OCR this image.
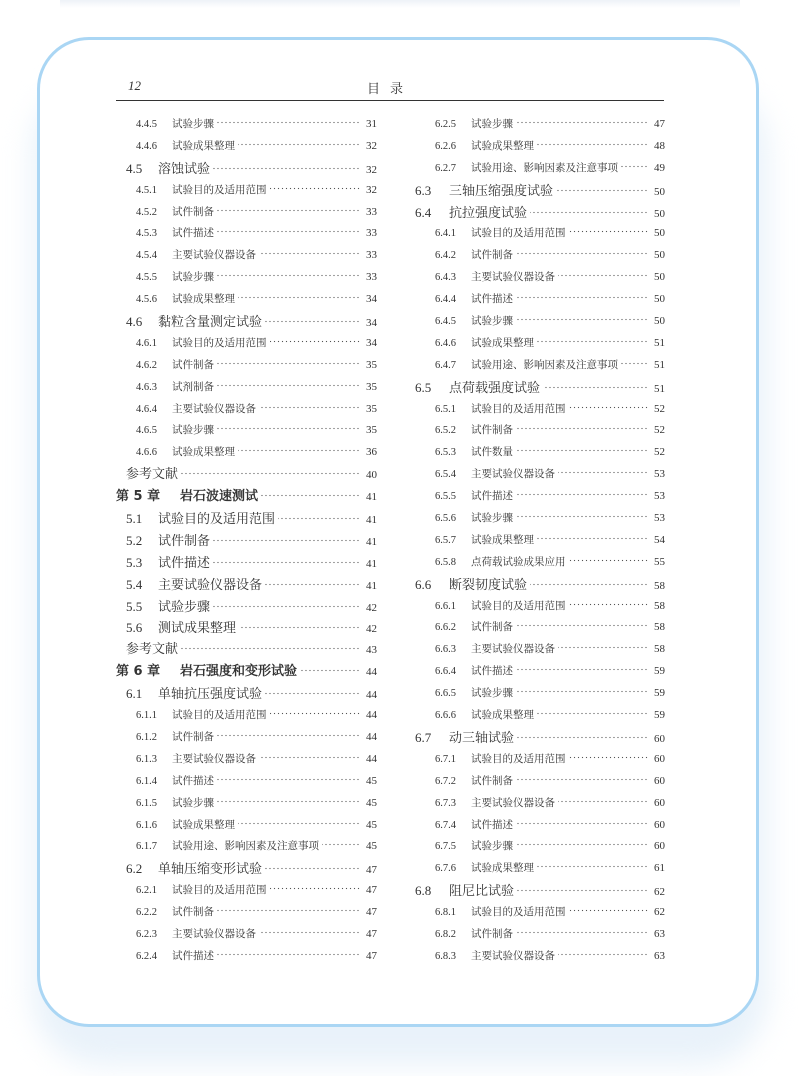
12	目录
4.4.5	试验步骤	31
4.4.6	试验成果整理	32
4.5	溶蚀试验	32
4.5.1	试验目的及适用范围	32
4.5.2	试件制备	33
4.5.3	试件描述	33
4.5.4	主要试验仪器设备	33
4.5.5	试验步骤	33
4.5.6	试验成果整理	34
4.6	黏粒含量测定试验	34
4.6.1	试验目的及适用范围	34
4.6.2	试件制备	35
4.6.3	试剂制备	35
4.6.4	主要试验仪器设备	35
4.6.5	试验步骤	35
4.6.6	试验成果整理	36
参考文献	40
第 5 章	岩石波速测试	41
5.1	试验目的及适用范围	41
5.2	试件制备	41
5.3	试件描述	41
5.4	主要试验仪器设备	41
5.5	试验步骤	42
5.6	测试成果整理	42
参考文献	43
第 6 章	岩石强度和变形试验	44
6.1	单轴抗压强度试验	44
6.1.1	试验目的及适用范围	44
6.1.2	试件制备	44
6.1.3	主要试验仪器设备	44
6.1.4	试件描述	45
6.1.5	试验步骤	45
6.1.6	试验成果整理	45
6.1.7	试验用途、影响因素及注意事项	45
6.2	单轴压缩变形试验	47
6.2.1	试验目的及适用范围	47
6.2.2	试件制备	47
6.2.3	主要试验仪器设备	47
6.2.4	试件描述	47
6.2.5	试验步骤	47
6.2.6	试验成果整理	48
6.2.7	试验用途、影响因素及注意事项	49
6.3	三轴压缩强度试验	50
6.4	抗拉强度试验	50
6.4.1	试验目的及适用范围	50
6.4.2	试件制备	50
6.4.3	主要试验仪器设备	50
6.4.4	试件描述	50
6.4.5	试验步骤	50
6.4.6	试验成果整理	51
6.4.7	试验用途、影响因素及注意事项	51
6.5	点荷载强度试验	51
6.5.1	试验目的及适用范围	52
6.5.2	试件制备	52
6.5.3	试件数量	52
6.5.4	主要试验仪器设备	53
6.5.5	试件描述	53
6.5.6	试验步骤	53
6.5.7	试验成果整理	54
6.5.8	点荷载试验成果应用	55
6.6	断裂韧度试验	58
6.6.1	试验目的及适用范围	58
6.6.2	试件制备	58
6.6.3	主要试验仪器设备	58
6.6.4	试件描述	59
6.6.5	试验步骤	59
6.6.6	试验成果整理	59
6.7	动三轴试验	60
6.7.1	试验目的及适用范围	60
6.7.2	试件制备	60
6.7.3	主要试验仪器设备	60
6.7.4	试件描述	60
6.7.5	试验步骤	60
6.7.6	试验成果整理	61
6.8	阻尼比试验	62
6.8.1	试验目的及适用范围	62
6.8.2	试件制备	63
6.8.3	主要试验仪器设备	63
